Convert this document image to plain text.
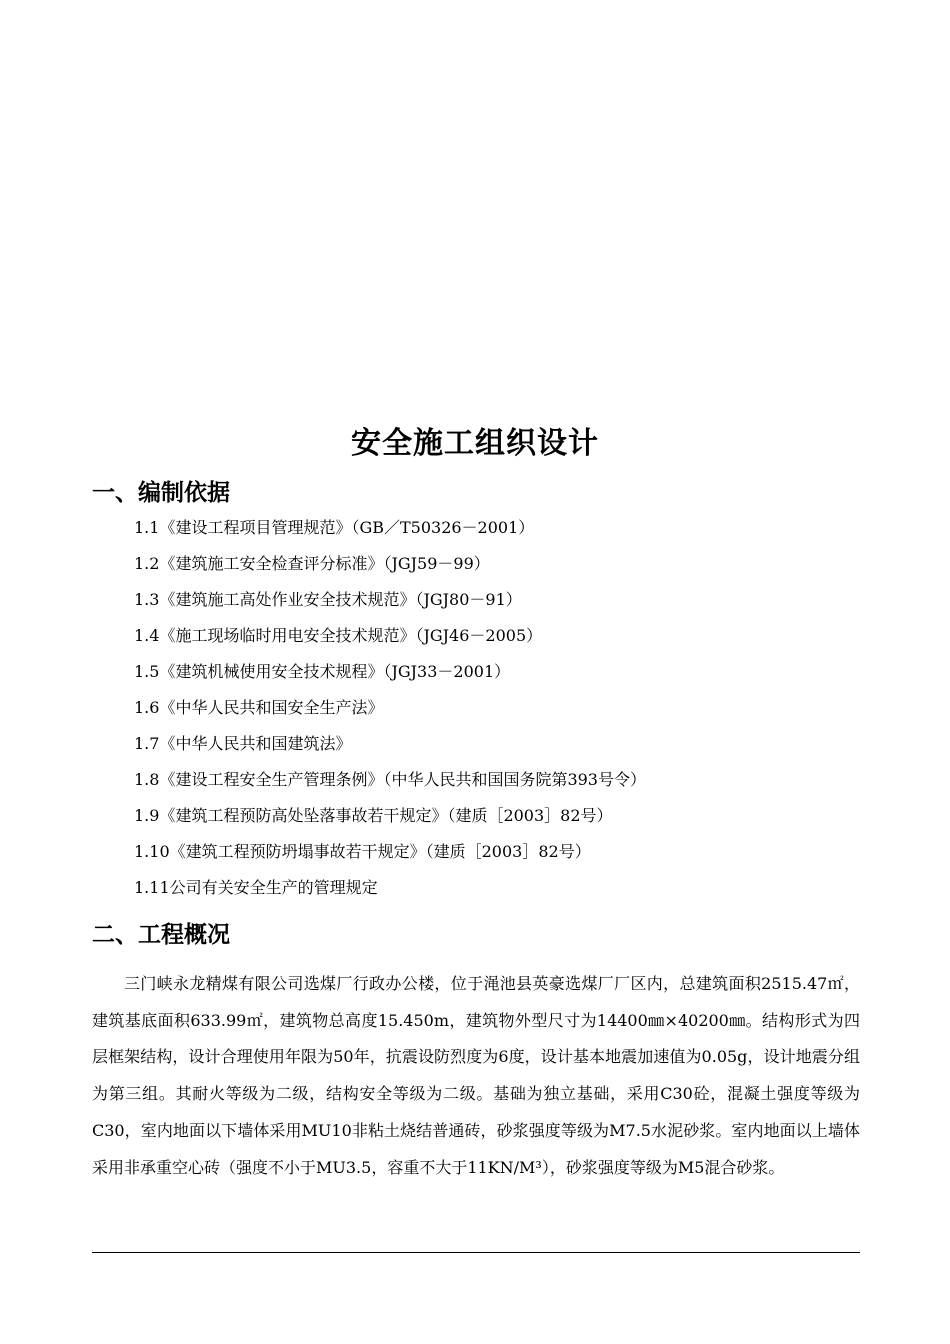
安全施工组织设计
一、编制依据
1.1《建设工程项目管理规范》（GB／T50326－2001）
1.2《建筑施工安全检查评分标准》（JGJ59－99）
1.3《建筑施工高处作业安全技术规范》（JGJ80－91）
1.4《施工现场临时用电安全技术规范》（JGJ46－2005）
1.5《建筑机械使用安全技术规程》（JGJ33－2001）
1.6《中华人民共和国安全生产法》
1.7《中华人民共和国建筑法》
1.8《建设工程安全生产管理条例》（中华人民共和国国务院第393号令）
1.9《建筑工程预防高处坠落事故若干规定》（建质［2003］82号）
1.10《建筑工程预防坍塌事故若干规定》（建质［2003］82号）
1.11公司有关安全生产的管理规定
二、工程概况

三门峡永龙精煤有限公司选煤厂行政办公楼，位于渑池县英豪选煤厂厂区内，总建筑面积2515.47㎡，建筑基底面积633.99㎡，建筑物总高度15.450m，建筑物外型尺寸为14400㎜×40200㎜。结构形式为四层框架结构，设计合理使用年限为50年，抗震设防烈度为6度，设计基本地震加速值为0.05g，设计地震分组为第三组。其耐火等级为二级，结构安全等级为二级。基础为独立基础，采用C30砼，混凝土强度等级为C30，室内地面以下墙体采用MU10非粘土烧结普通砖，砂浆强度等级为M7.5水泥砂浆。室内地面以上墙体采用非承重空心砖（强度不小于MU3.5，容重不大于11KN/M³），砂浆强度等级为M5混合砂浆。
